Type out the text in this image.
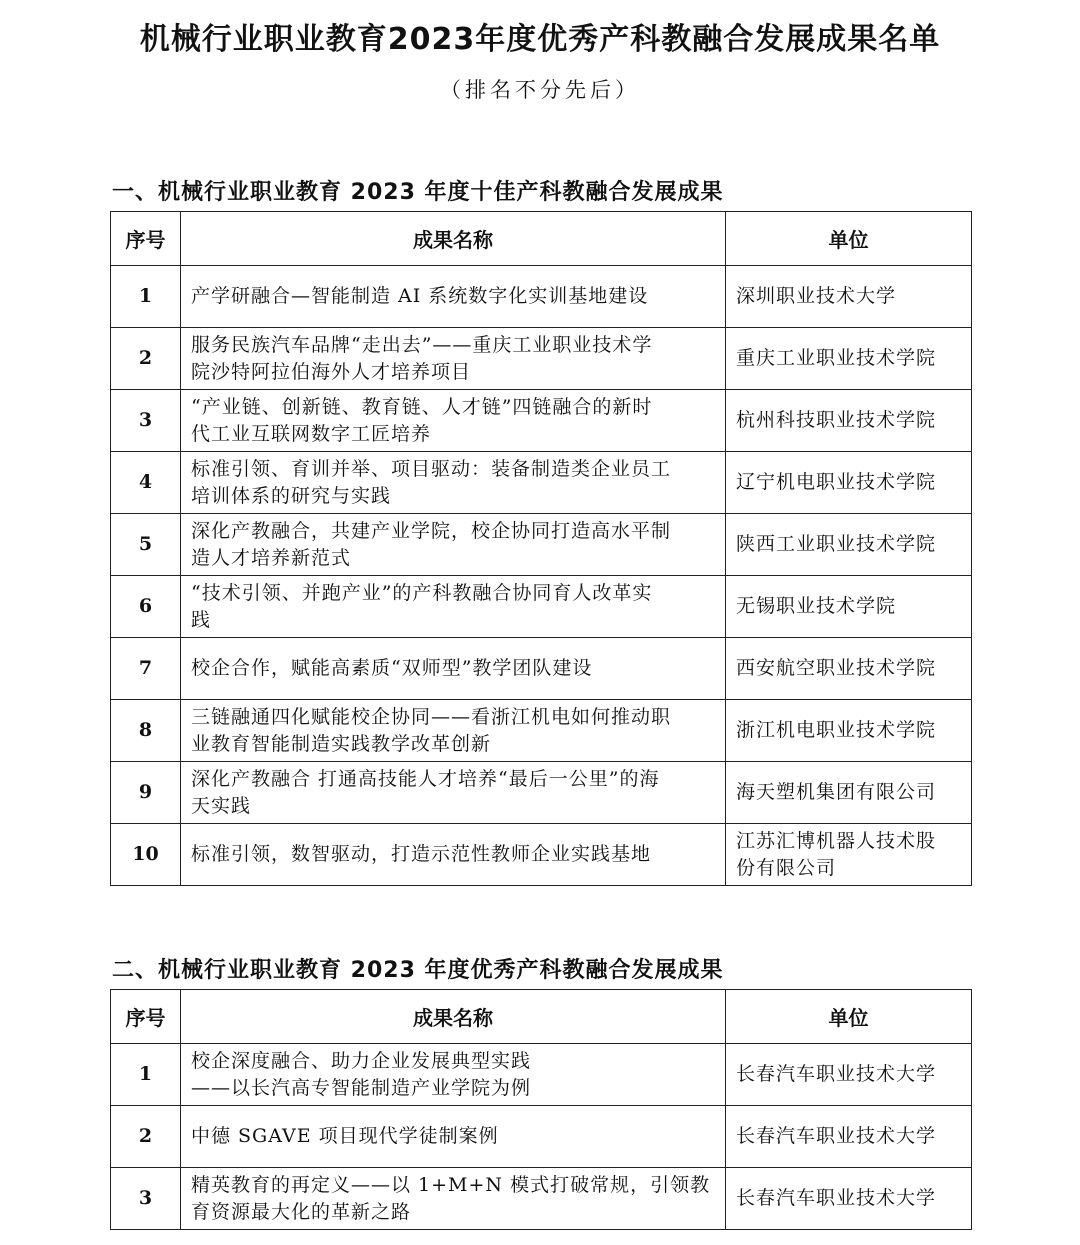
机械行业职业教育2023年度优秀产科教融合发展成果名单
（排名不分先后）
一、机械行业职业教育 2023 年度十佳产科教融合发展成果
序号	成果名称	单位
1	产学研融合—智能制造 AI 系统数字化实训基地建设	深圳职业技术大学

2	服务民族汽车品牌“走出去”——重庆工业职业技术学
院沙特阿拉伯海外人才培养项目	重庆工业职业技术学院

3	“产业链、创新链、教育链、人才链”四链融合的新时
代工业互联网数字工匠培养	杭州科技职业技术学院

4	标准引领、育训并举、项目驱动：装备制造类企业员工
培训体系的研究与实践	辽宁机电职业技术学院

5	深化产教融合，共建产业学院，校企协同打造高水平制
造人才培养新范式	陕西工业职业技术学院

6	“技术引领、并跑产业”的产科教融合协同育人改革实
践	无锡职业技术学院

7	校企合作，赋能高素质“双师型”教学团队建设	西安航空职业技术学院

8	三链融通四化赋能校企协同——看浙江机电如何推动职
业教育智能制造实践教学改革创新	浙江机电职业技术学院

9	深化产教融合 打通高技能人才培养“最后一公里”的海
天实践	海天塑机集团有限公司

10	标准引领，数智驱动，打造示范性教师企业实践基地	江苏汇博机器人技术股
份有限公司
二、机械行业职业教育 2023 年度优秀产科教融合发展成果
序号	成果名称	单位
1	校企深度融合、助力企业发展典型实践
——以长汽高专智能制造产业学院为例	长春汽车职业技术大学

2	中德 SGAVE 项目现代学徒制案例	长春汽车职业技术大学

3	精英教育的再定义——以 1+M+N 模式打破常规，引领教
育资源最大化的革新之路	长春汽车职业技术大学
